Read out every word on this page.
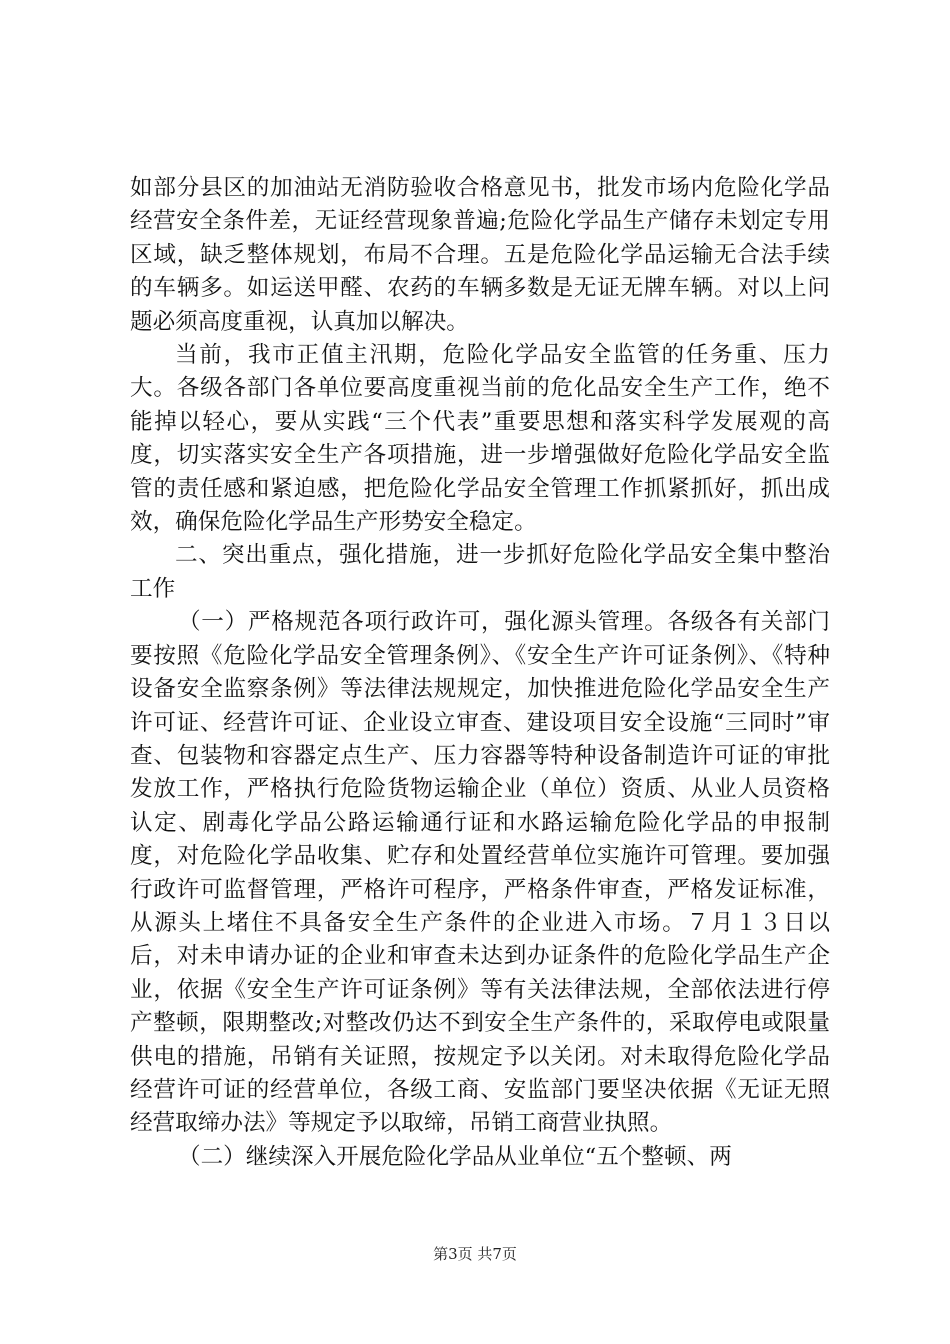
如部分县区的加油站无消防验收合格意见书，批发市场内危险化学品经营安全条件差，无证经营现象普遍;危险化学品生产储存未划定专用区域，缺乏整体规划，布局不合理。五是危险化学品运输无合法手续的车辆多。如运送甲醛、农药的车辆多数是无证无牌车辆。对以上问题必须高度重视，认真加以解决。

当前，我市正值主汛期，危险化学品安全监管的任务重、压力大。各级各部门各单位要高度重视当前的危化品安全生产工作，绝不能掉以轻心，要从实践“三个代表”重要思想和落实科学发展观的高度，切实落实安全生产各项措施，进一步增强做好危险化学品安全监管的责任感和紧迫感，把危险化学品安全管理工作抓紧抓好，抓出成效，确保危险化学品生产形势安全稳定。

二、突出重点，强化措施，进一步抓好危险化学品安全集中整治工作

（一）严格规范各项行政许可，强化源头管理。各级各有关部门要按照《危险化学品安全管理条例》、《安全生产许可证条例》、《特种设备安全监察条例》等法律法规规定，加快推进危险化学品安全生产许可证、经营许可证、企业设立审查、建设项目安全设施“三同时”审查、包装物和容器定点生产、压力容器等特种设备制造许可证的审批发放工作，严格执行危险货物运输企业（单位）资质、从业人员资格认定、剧毒化学品公路运输通行证和水路运输危险化学品的申报制度，对危险化学品收集、贮存和处置经营单位实施许可管理。要加强行政许可监督管理，严格许可程序，严格条件审查，严格发证标准，从源头上堵住不具备安全生产条件的企业进入市场。７月１３日以后，对未申请办证的企业和审查未达到办证条件的危险化学品生产企业，依据《安全生产许可证条例》等有关法律法规，全部依法进行停产整顿，限期整改;对整改仍达不到安全生产条件的，采取停电或限量供电的措施，吊销有关证照，按规定予以关闭。对未取得危险化学品经营许可证的经营单位，各级工商、安监部门要坚决依据《无证无照经营取缔办法》等规定予以取缔，吊销工商营业执照。

（二）继续深入开展危险化学品从业单位“五个整顿、两

第3页 共7页
